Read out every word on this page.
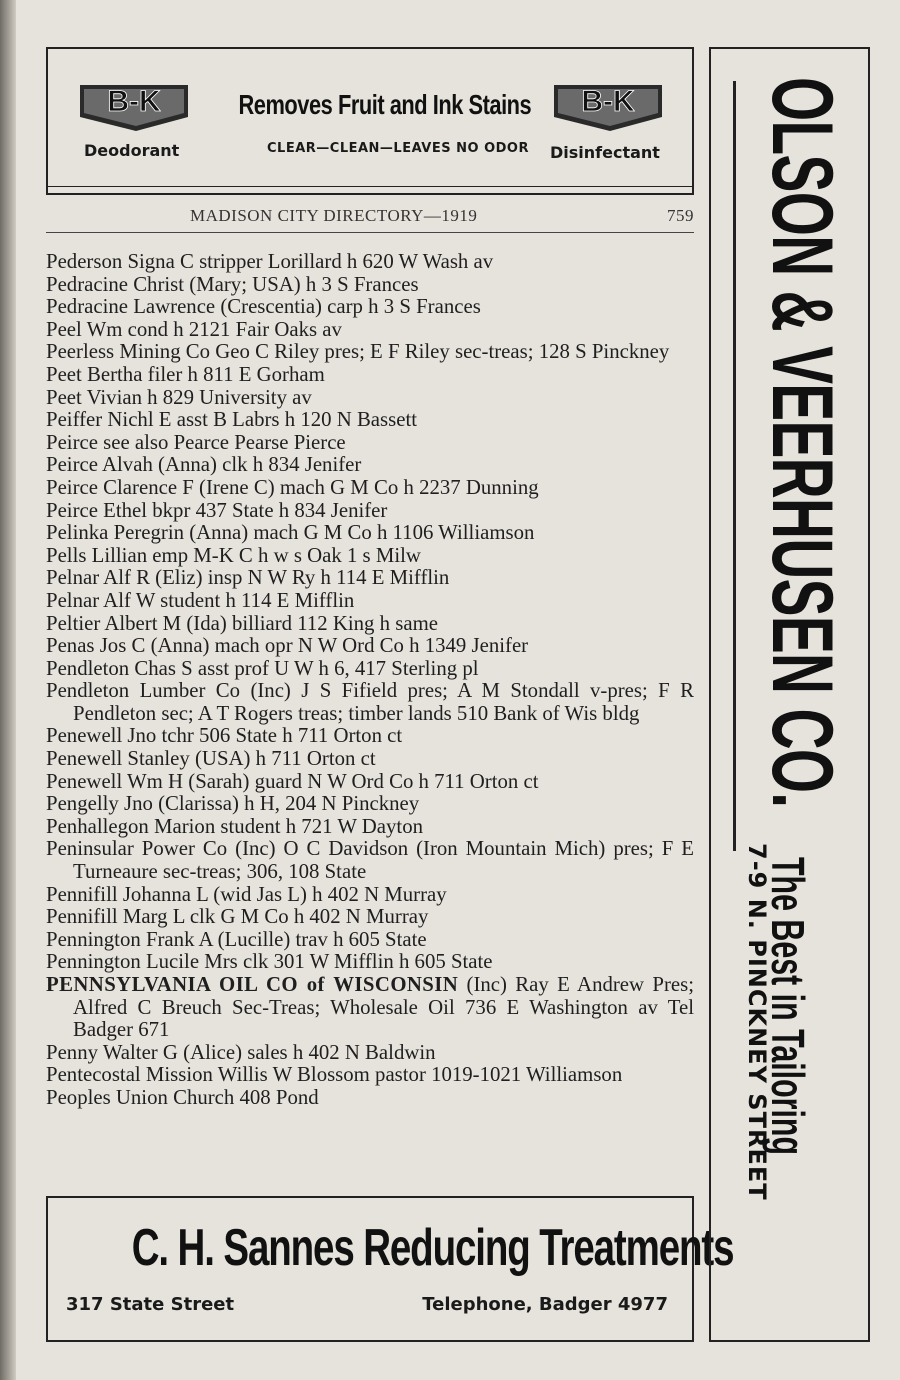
B-K	B-K
Removes Fruit and Ink Stains
Deodorant	CLEAR—CLEAN—LEAVES NO ODOR	Disinfectant
MADISON CITY DIRECTORY—1919	759
Pederson Signa C stripper Lorillard h 620 W Wash av
Pedracine Christ (Mary; USA) h 3 S Frances
Pedracine Lawrence (Crescentia) carp h 3 S Frances
Peel Wm cond h 2121 Fair Oaks av
Peerless Mining Co Geo C Riley pres; E F Riley sec-treas; 128 S Pinckney
Peet Bertha filer h 811 E Gorham
Peet Vivian h 829 University av
Peiffer Nichl E asst B Labrs h 120 N Bassett
Peirce see also Pearce Pearse Pierce
Peirce Alvah (Anna) clk h 834 Jenifer
Peirce Clarence F (Irene C) mach G M Co h 2237 Dunning
Peirce Ethel bkpr 437 State h 834 Jenifer
Pelinka Peregrin (Anna) mach G M Co h 1106 Williamson
Pells Lillian emp M-K C h w s Oak 1 s Milw
Pelnar Alf R (Eliz) insp N W Ry h 114 E Mifflin
Pelnar Alf W student h 114 E Mifflin
Peltier Albert M (Ida) billiard 112 King h same
Penas Jos C (Anna) mach opr N W Ord Co h 1349 Jenifer
Pendleton Chas S asst prof U W h 6, 417 Sterling pl
Pendleton Lumber Co (Inc) J S Fifield pres; A M Stondall v-pres; F R Pendleton sec; A T Rogers treas; timber lands 510 Bank of Wis bldg
Penewell Jno tchr 506 State h 711 Orton ct
Penewell Stanley (USA) h 711 Orton ct
Penewell Wm H (Sarah) guard N W Ord Co h 711 Orton ct
Pengelly Jno (Clarissa) h H, 204 N Pinckney
Penhallegon Marion student h 721 W Dayton
Peninsular Power Co (Inc) O C Davidson (Iron Mountain Mich) pres; F E Turneaure sec-treas; 306, 108 State
Pennifill Johanna L (wid Jas L) h 402 N Murray
Pennifill Marg L clk G M Co h 402 N Murray
Pennington Frank A (Lucille) trav h 605 State
Pennington Lucile Mrs clk 301 W Mifflin h 605 State
PENNSYLVANIA OIL CO of WISCONSIN (Inc) Ray E Andrew Pres; Alfred C Breuch Sec-Treas; Wholesale Oil 736 E Washington av Tel Badger 671
Penny Walter G (Alice) sales h 402 N Baldwin
Pentecostal Mission Willis W Blossom pastor 1019-1021 Williamson
Peoples Union Church 408 Pond
C. H. Sannes Reducing Treatments
317 State Street	Telephone, Badger 4977
OLSON & VEERHUSEN CO.
The Best in Tailoring
7-9 N. PINCKNEY STREET
